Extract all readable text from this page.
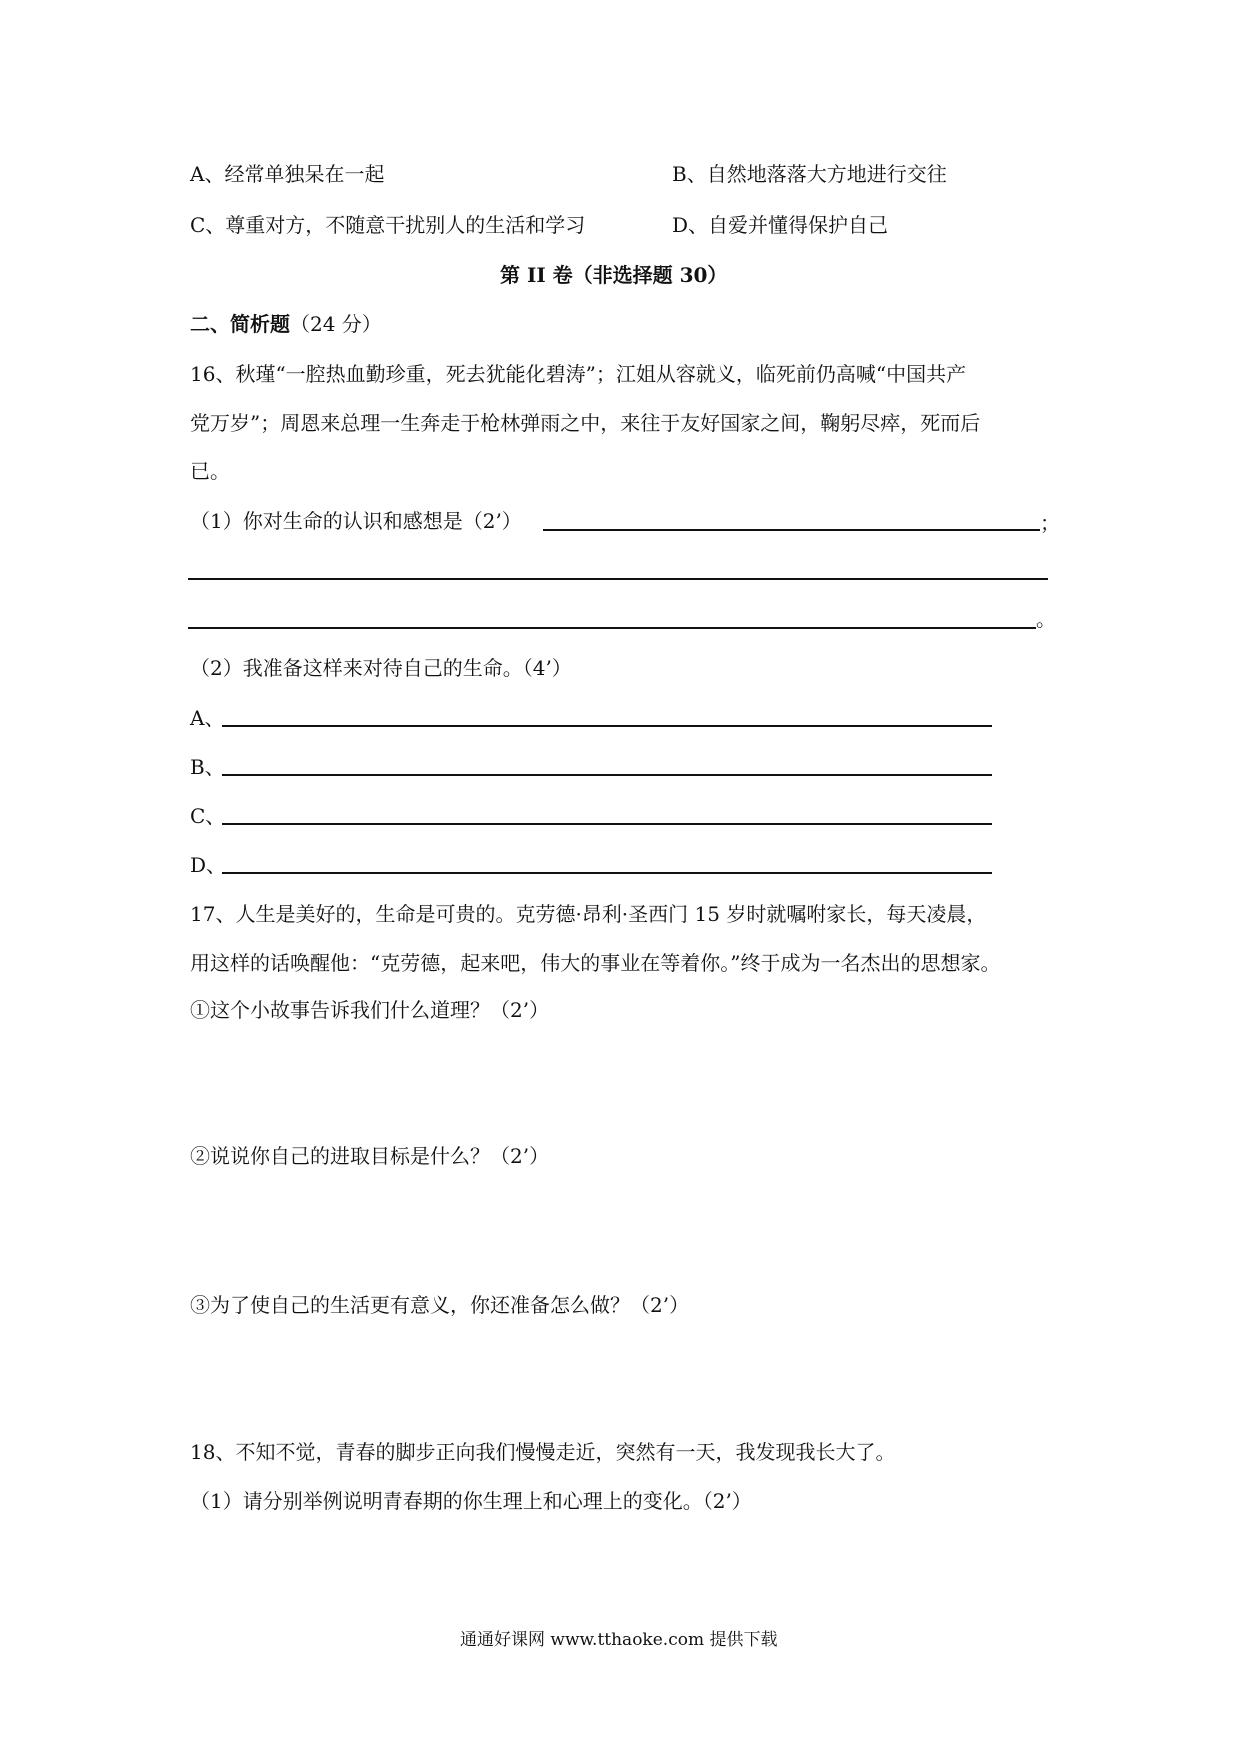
A、经常单独呆在一起	B、自然地落落大方地进行交往
C、尊重对方，不随意干扰别人的生活和学习	D、自爱并懂得保护自己
第 II 卷（非选择题 30）
二、简析题（24 分）
16、秋瑾“一腔热血勤珍重，死去犹能化碧涛”；江姐从容就义，临死前仍高喊“中国共产
党万岁”；周恩来总理一生奔走于枪林弹雨之中，来往于友好国家之间，鞠躬尽瘁，死而后
已。
（1）你对生命的认识和感想是（2’）	；
。
（2）我准备这样来对待自己的生命。（4’）
A、
B、
C、
D、
17、人生是美好的，生命是可贵的。克劳德·昂利·圣西门 15 岁时就嘱咐家长，每天凌晨，
用这样的话唤醒他：“克劳德，起来吧，伟大的事业在等着你。”终于成为一名杰出的思想家。
①这个小故事告诉我们什么道理？（2’）
②说说你自己的进取目标是什么？（2’）
③为了使自己的生活更有意义，你还准备怎么做？（2’）
18、不知不觉，青春的脚步正向我们慢慢走近，突然有一天，我发现我长大了。
（1）请分别举例说明青春期的你生理上和心理上的变化。（2’）
通通好课网 www.tthaoke.com 提供下载
